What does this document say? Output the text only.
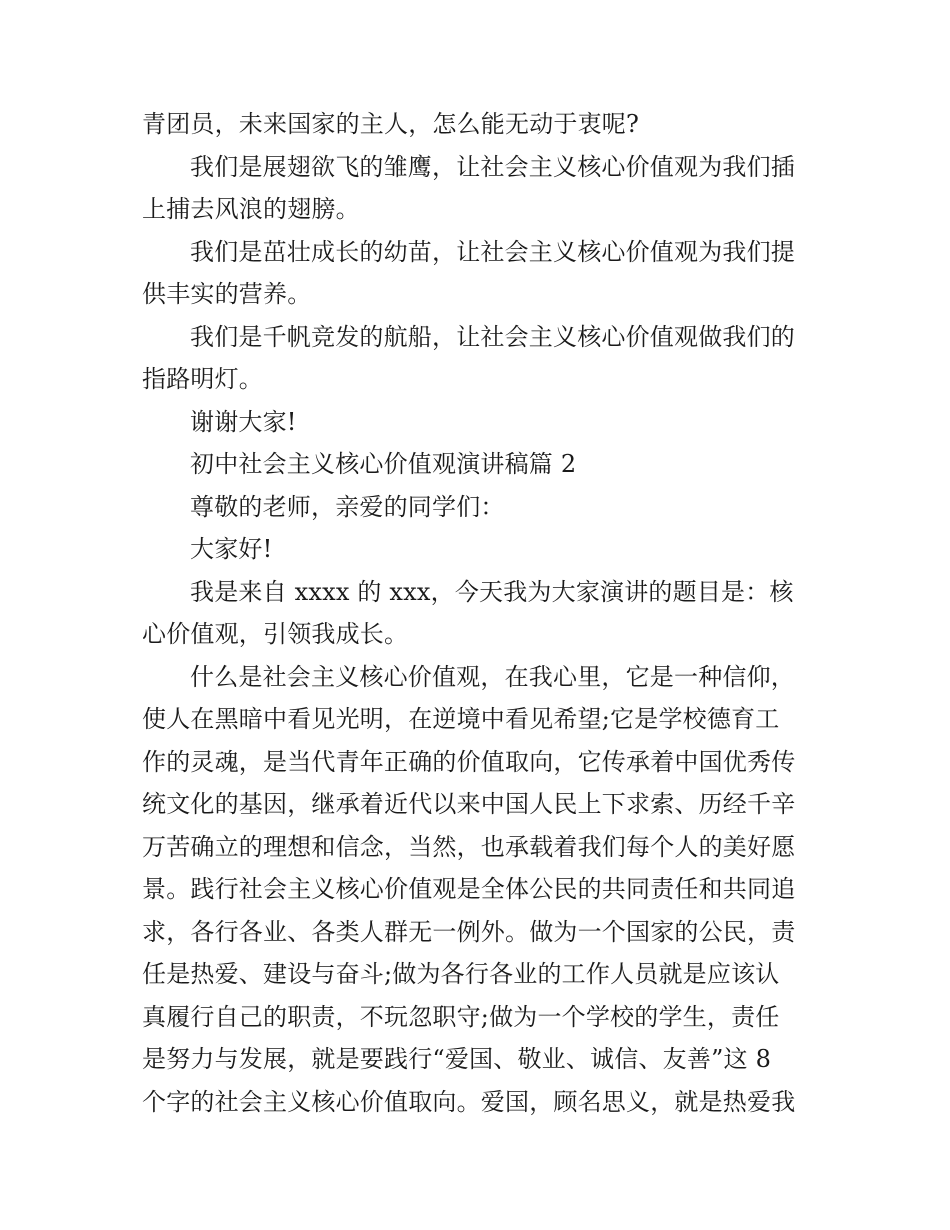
青团员，未来国家的主人，怎么能无动于衷呢?
我们是展翅欲飞的雏鹰，让社会主义核心价值观为我们插
上捕去风浪的翅膀。
我们是茁壮成长的幼苗，让社会主义核心价值观为我们提
供丰实的营养。
我们是千帆竞发的航船，让社会主义核心价值观做我们的
指路明灯。
谢谢大家!
初中社会主义核心价值观演讲稿篇 2
尊敬的老师，亲爱的同学们：
大家好!
我是来自 xxxx 的 xxx，今天我为大家演讲的题目是：核
心价值观，引领我成长。
什么是社会主义核心价值观，在我心里，它是一种信仰，
使人在黑暗中看见光明，在逆境中看见希望;它是学校德育工
作的灵魂，是当代青年正确的价值取向，它传承着中国优秀传
统文化的基因，继承着近代以来中国人民上下求索、历经千辛
万苦确立的理想和信念，当然，也承载着我们每个人的美好愿
景。践行社会主义核心价值观是全体公民的共同责任和共同追
求，各行各业、各类人群无一例外。做为一个国家的公民，责
任是热爱、建设与奋斗;做为各行各业的工作人员就是应该认
真履行自己的职责，不玩忽职守;做为一个学校的学生，责任
是努力与发展，就是要践行“爱国、敬业、诚信、友善”这 8
个字的社会主义核心价值取向。爱国，顾名思义，就是热爱我
